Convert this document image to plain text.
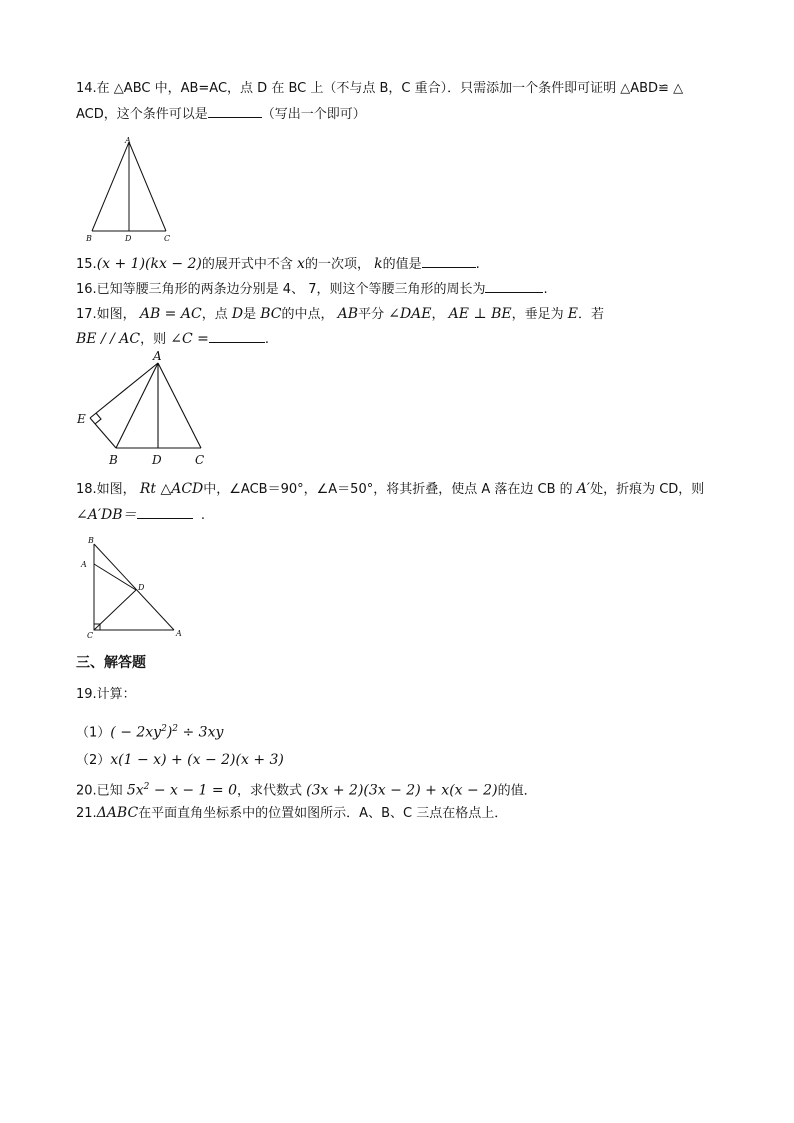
14.在 △ABC 中，AB=AC，点 D 在 BC 上（不与点 B，C 重合）．只需添加一个条件即可证明 △ABD≌ △
ACD，这个条件可以是	（写出一个即可）
A
B	D	C
15.(x + 1)(kx − 2)的展开式中不含 x的一次项， k的值是	.
16.已知等腰三角形的两条边分别是 4、 7，则这个等腰三角形的周长为	.
17.如图， AB = AC，点 D是 BC的中点， AB平分 ∠DAE， AE ⊥ BE，垂足为 E．若
BE / / AC，则 ∠C =	.
A
E
B	D	C
18.如图， Rt △ACD中，∠ACB＝90°，∠A＝50°，将其折叠，使点 A 落在边 CB 的 A′处，折痕为 CD，则
∠A′DB＝	.
B
A
D
C	A
三、解答题
19.计算：
$(1)( - 2xy^2)^2 \div 3xy$
（2）x(1 − x) + (x − 2)(x + 3)
20.已知 $5x^2 - x - 1 = 0$，求代数式 (3x + 2)(3x − 2) + x(x − 2)的值．
21.ΔABC在平面直角坐标系中的位置如图所示．A、B、C 三点在格点上．
